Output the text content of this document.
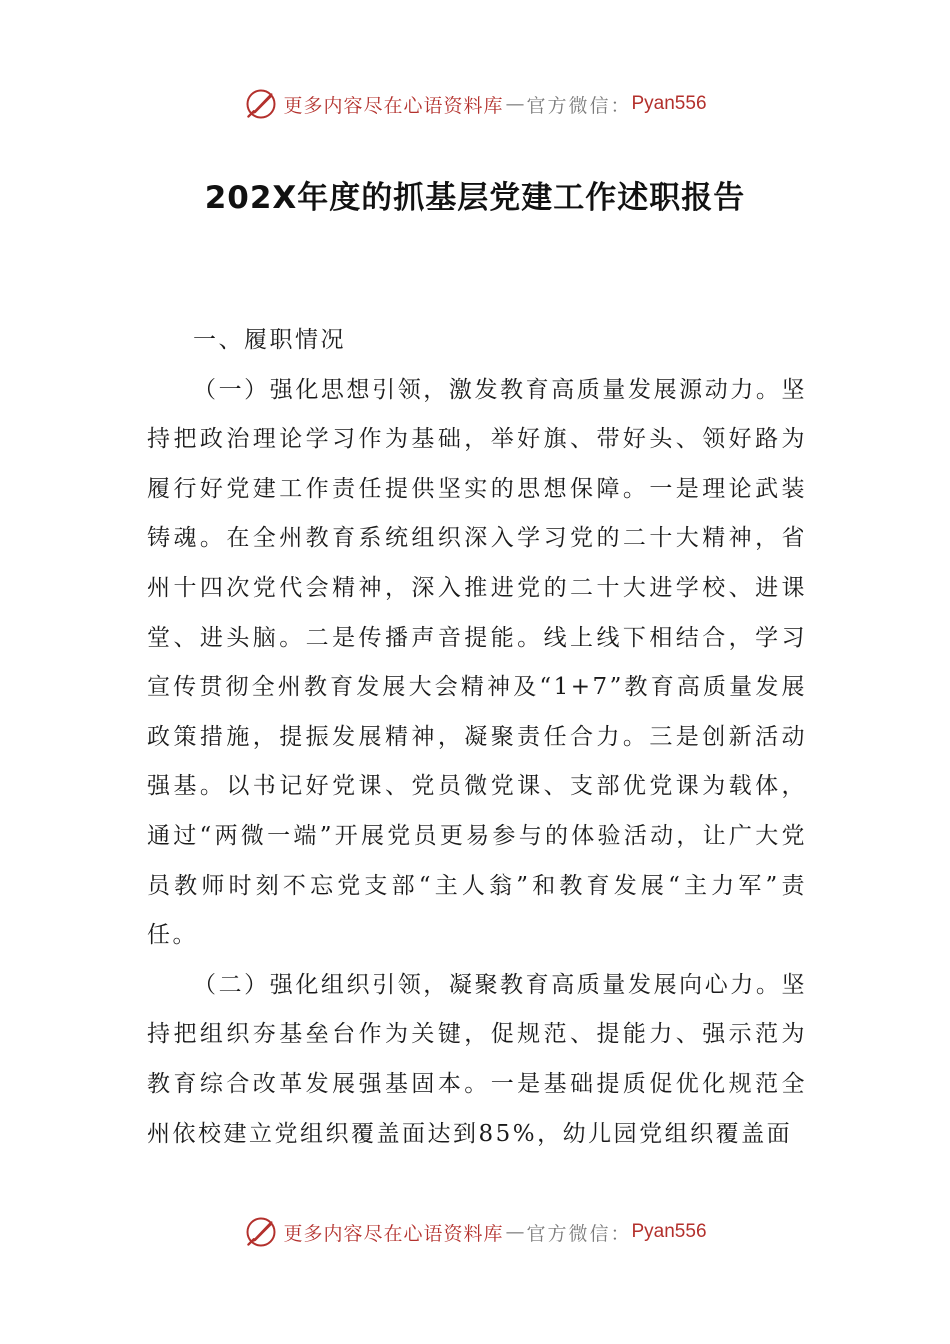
更多内容尽在心语资料库 — 官方微信： Pyan556
202X年度的抓基层党建工作述职报告

一、履职情况

（一）强化思想引领，激发教育高质量发展源动力。坚持把政治理论学习作为基础，举好旗、带好头、领好路为履行好党建工作责任提供坚实的思想保障。一是理论武装铸魂。在全州教育系统组织深入学习党的二十大精神，省州十四次党代会精神，深入推进党的二十大进学校、进课堂、进头脑。二是传播声音提能。线上线下相结合，学习宣传贯彻全州教育发展大会精神及“1+7”教育高质量发展政策措施，提振发展精神，凝聚责任合力。三是创新活动强基。以书记好党课、党员微党课、支部优党课为载体，通过“两微一端”开展党员更易参与的体验活动，让广大党员教师时刻不忘党支部“主人翁”和教育发展“主力军”责任。

（二）强化组织引领，凝聚教育高质量发展向心力。坚持把组织夯基垒台作为关键，促规范、提能力、强示范为教育综合改革发展强基固本。一是基础提质促优化规范全州依校建立党组织覆盖面达到85%，幼儿园党组织覆盖面

更多内容尽在心语资料库 — 官方微信： Pyan556
